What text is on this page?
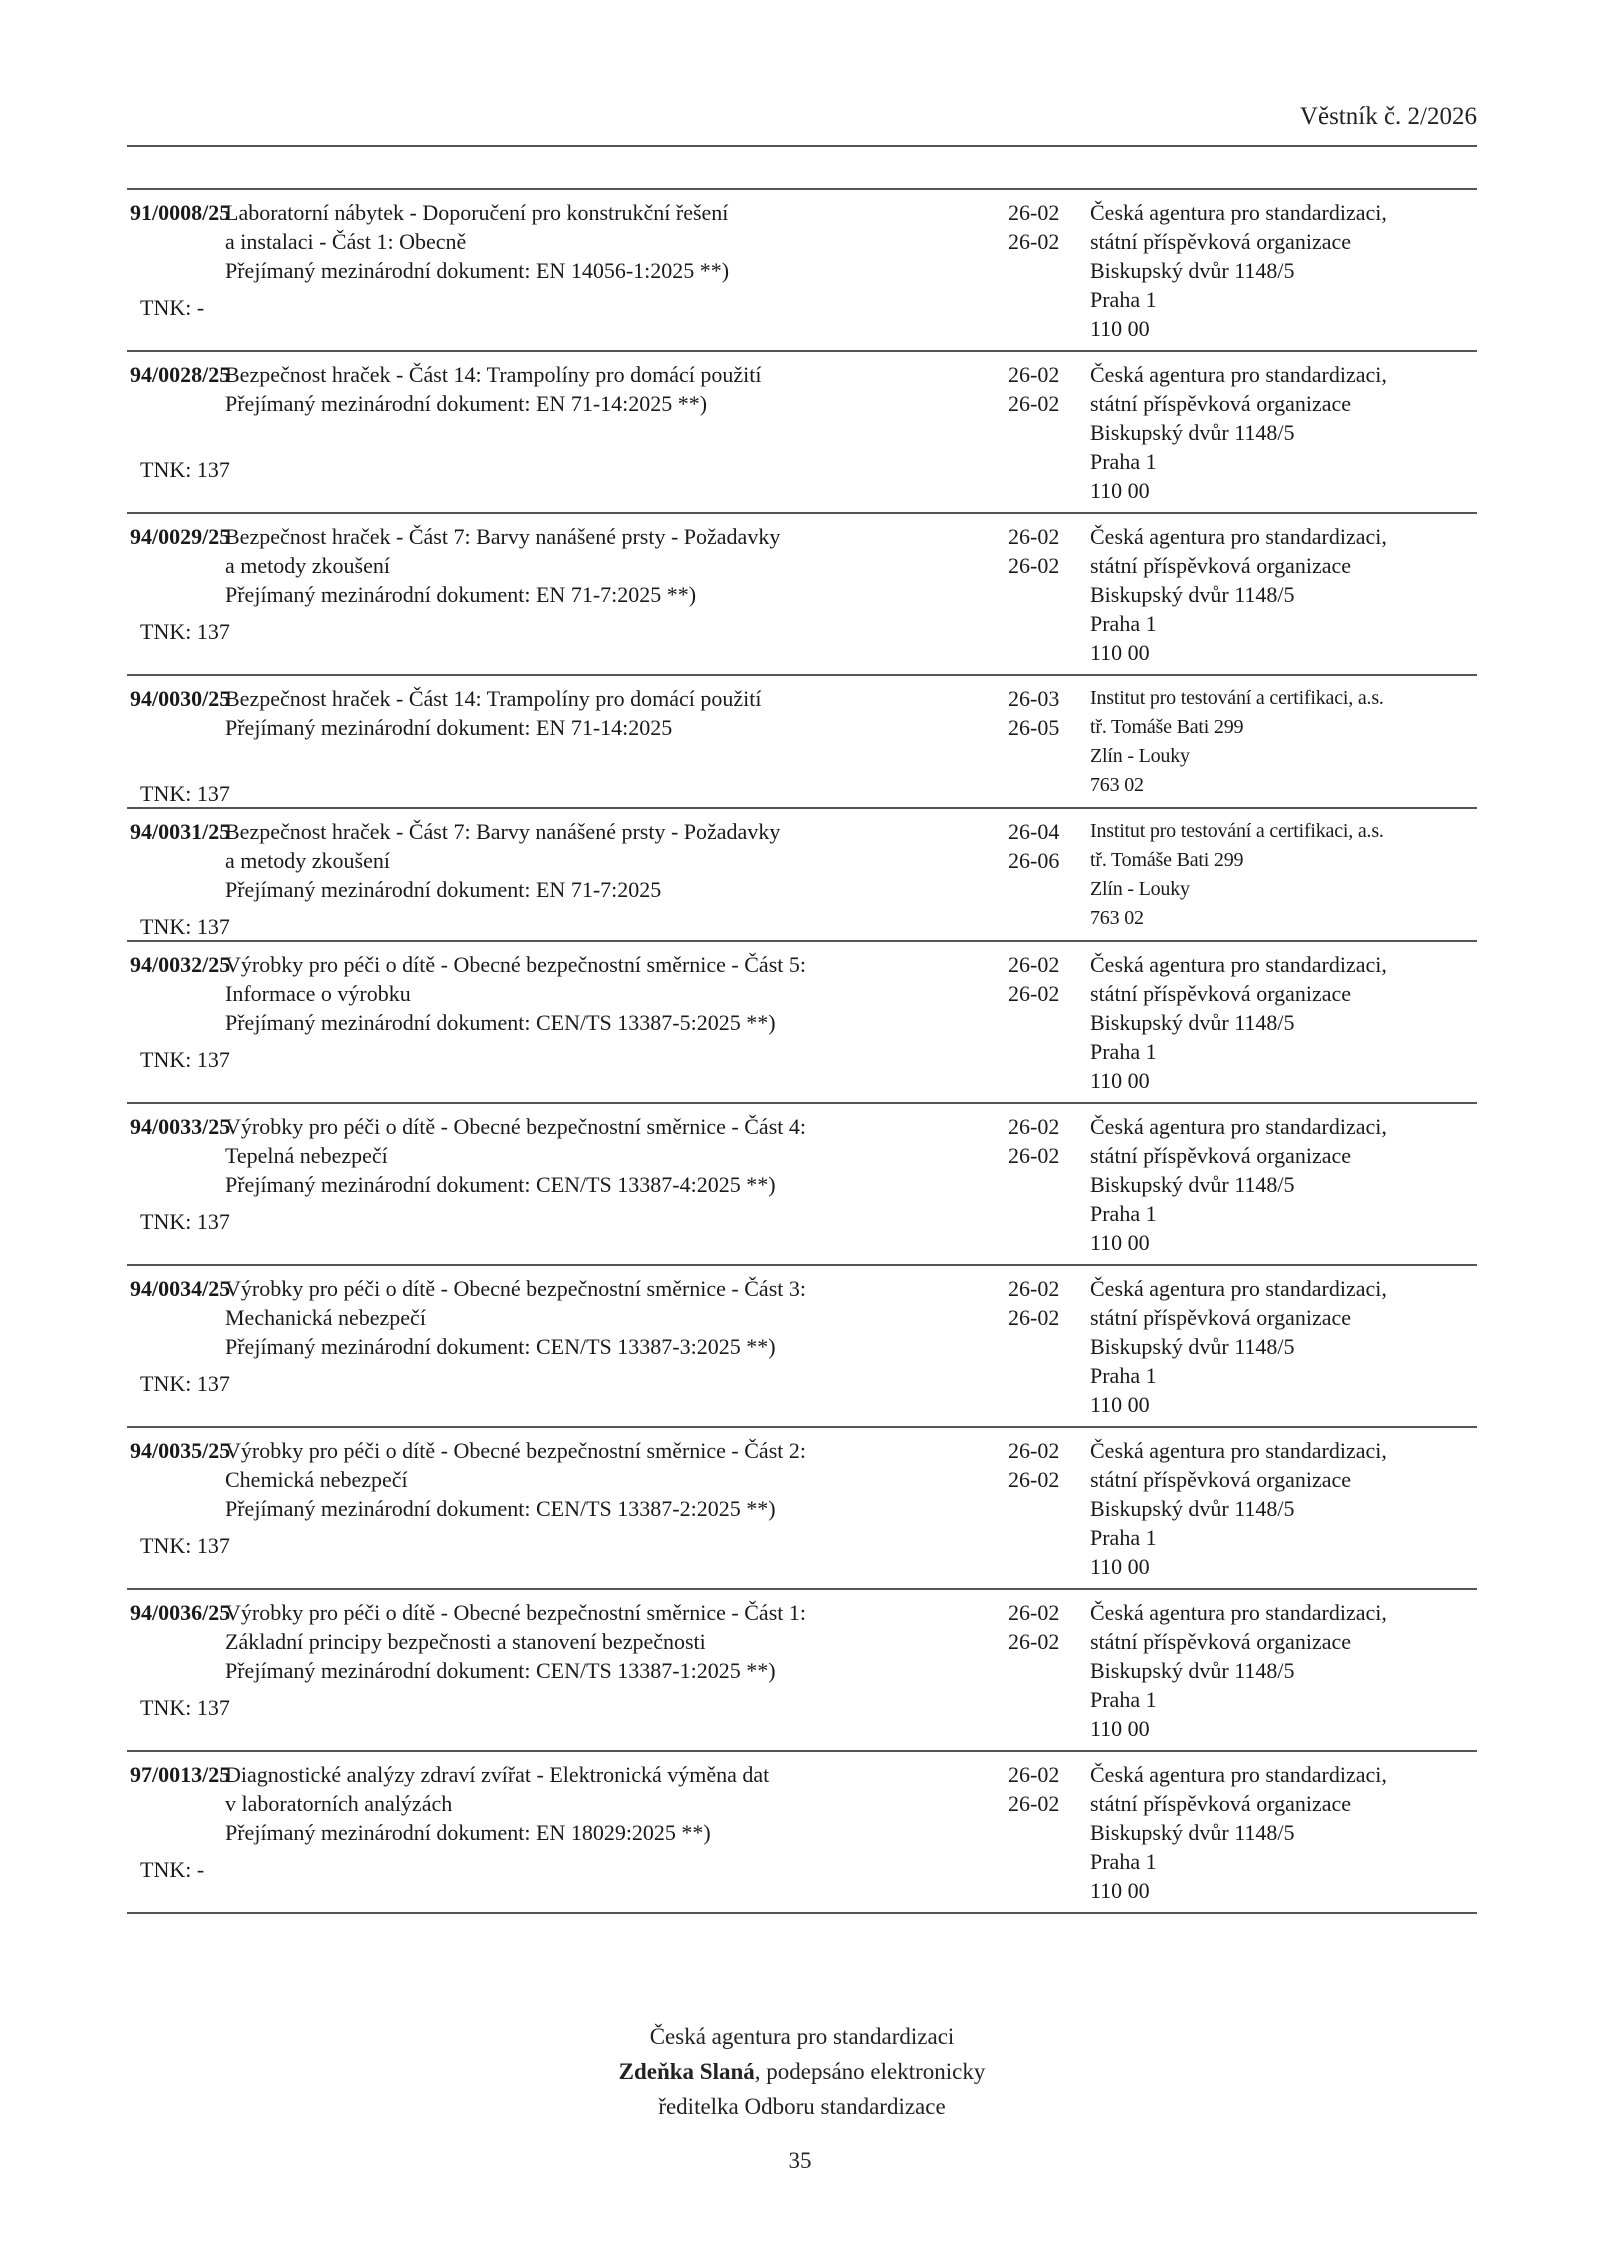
Věstník č. 2/2026
91/0008/25
TNK: -
Laboratorní nábytek - Doporučení pro konstrukční řešení
a instalaci - Část 1: Obecně
Přejímaný mezinárodní dokument: EN 14056-1:2025 **)
26-02
26-02
Česká agentura pro standardizaci,
státní příspěvková organizace
Biskupský dvůr 1148/5
Praha 1
110 00
94/0028/25
TNK: 137
Bezpečnost hraček - Část 14: Trampolíny pro domácí použití
Přejímaný mezinárodní dokument: EN 71-14:2025 **)
26-02
26-02
Česká agentura pro standardizaci,
státní příspěvková organizace
Biskupský dvůr 1148/5
Praha 1
110 00
94/0029/25
TNK: 137
Bezpečnost hraček - Část 7: Barvy nanášené prsty - Požadavky
a metody zkoušení
Přejímaný mezinárodní dokument: EN 71-7:2025 **)
26-02
26-02
Česká agentura pro standardizaci,
státní příspěvková organizace
Biskupský dvůr 1148/5
Praha 1
110 00
94/0030/25
TNK: 137
Bezpečnost hraček - Část 14: Trampolíny pro domácí použití
Přejímaný mezinárodní dokument: EN 71-14:2025
26-03
26-05
Institut pro testování a certifikaci, a.s.
tř. Tomáše Bati 299
Zlín - Louky
763 02
94/0031/25
TNK: 137
Bezpečnost hraček - Část 7: Barvy nanášené prsty - Požadavky
a metody zkoušení
Přejímaný mezinárodní dokument: EN 71-7:2025
26-04
26-06
Institut pro testování a certifikaci, a.s.
tř. Tomáše Bati 299
Zlín - Louky
763 02
94/0032/25
TNK: 137
Výrobky pro péči o dítě - Obecné bezpečnostní směrnice - Část 5:
Informace o výrobku
Přejímaný mezinárodní dokument: CEN/TS 13387-5:2025 **)
26-02
26-02
Česká agentura pro standardizaci,
státní příspěvková organizace
Biskupský dvůr 1148/5
Praha 1
110 00
94/0033/25
TNK: 137
Výrobky pro péči o dítě - Obecné bezpečnostní směrnice - Část 4:
Tepelná nebezpečí
Přejímaný mezinárodní dokument: CEN/TS 13387-4:2025 **)
26-02
26-02
Česká agentura pro standardizaci,
státní příspěvková organizace
Biskupský dvůr 1148/5
Praha 1
110 00
94/0034/25
TNK: 137
Výrobky pro péči o dítě - Obecné bezpečnostní směrnice - Část 3:
Mechanická nebezpečí
Přejímaný mezinárodní dokument: CEN/TS 13387-3:2025 **)
26-02
26-02
Česká agentura pro standardizaci,
státní příspěvková organizace
Biskupský dvůr 1148/5
Praha 1
110 00
94/0035/25
TNK: 137
Výrobky pro péči o dítě - Obecné bezpečnostní směrnice - Část 2:
Chemická nebezpečí
Přejímaný mezinárodní dokument: CEN/TS 13387-2:2025 **)
26-02
26-02
Česká agentura pro standardizaci,
státní příspěvková organizace
Biskupský dvůr 1148/5
Praha 1
110 00
94/0036/25
TNK: 137
Výrobky pro péči o dítě - Obecné bezpečnostní směrnice - Část 1:
Základní principy bezpečnosti a stanovení bezpečnosti
Přejímaný mezinárodní dokument: CEN/TS 13387-1:2025 **)
26-02
26-02
Česká agentura pro standardizaci,
státní příspěvková organizace
Biskupský dvůr 1148/5
Praha 1
110 00
97/0013/25
TNK: -
Diagnostické analýzy zdraví zvířat - Elektronická výměna dat
v laboratorních analýzách
Přejímaný mezinárodní dokument: EN 18029:2025 **)
26-02
26-02
Česká agentura pro standardizaci,
státní příspěvková organizace
Biskupský dvůr 1148/5
Praha 1
110 00
Česká agentura pro standardizaci
Zdeňka Slaná, podepsáno elektronicky
ředitelka Odboru standardizace
35
